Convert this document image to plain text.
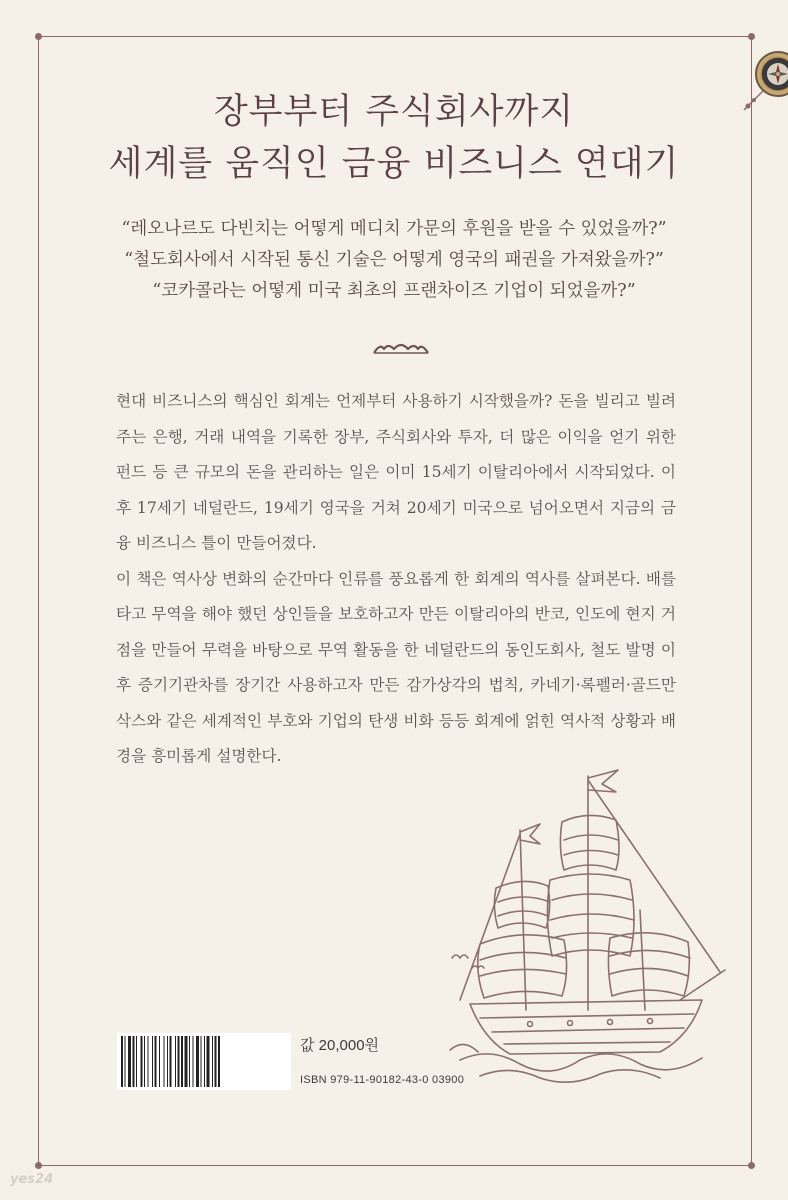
장부부터 주식회사까지
세계를 움직인 금융 비즈니스 연대기
“레오나르도 다빈치는 어떻게 메디치 가문의 후원을 받을 수 있었을까?”
“철도회사에서 시작된 통신 기술은 어떻게 영국의 패권을 가져왔을까?”
“코카콜라는 어떻게 미국 최초의 프랜차이즈 기업이 되었을까?”

현대 비즈니스의 핵심인 회계는 언제부터 사용하기 시작했을까? 돈을 빌리고 빌려주는 은행, 거래 내역을 기록한 장부, 주식회사와 투자, 더 많은 이익을 얻기 위한 펀드 등 큰 규모의 돈을 관리하는 일은 이미 15세기 이탈리아에서 시작되었다. 이후 17세기 네덜란드, 19세기 영국을 거쳐 20세기 미국으로 넘어오면서 지금의 금융 비즈니스 틀이 만들어졌다.

이 책은 역사상 변화의 순간마다 인류를 풍요롭게 한 회계의 역사를 살펴본다. 배를 타고 무역을 해야 했던 상인들을 보호하고자 만든 이탈리아의 반코, 인도에 현지 거점을 만들어 무력을 바탕으로 무역 활동을 한 네덜란드의 동인도회사, 철도 발명 이후 증기기관차를 장기간 사용하고자 만든 감가상각의 법칙, 카네기·록펠러·골드만삭스와 같은 세계적인 부호와 기업의 탄생 비화 등등 회계에 얽힌 역사적 상황과 배경을 흥미롭게 설명한다.

값 20,000원
ISBN 979-11-90182-43-0 03900
yes24
